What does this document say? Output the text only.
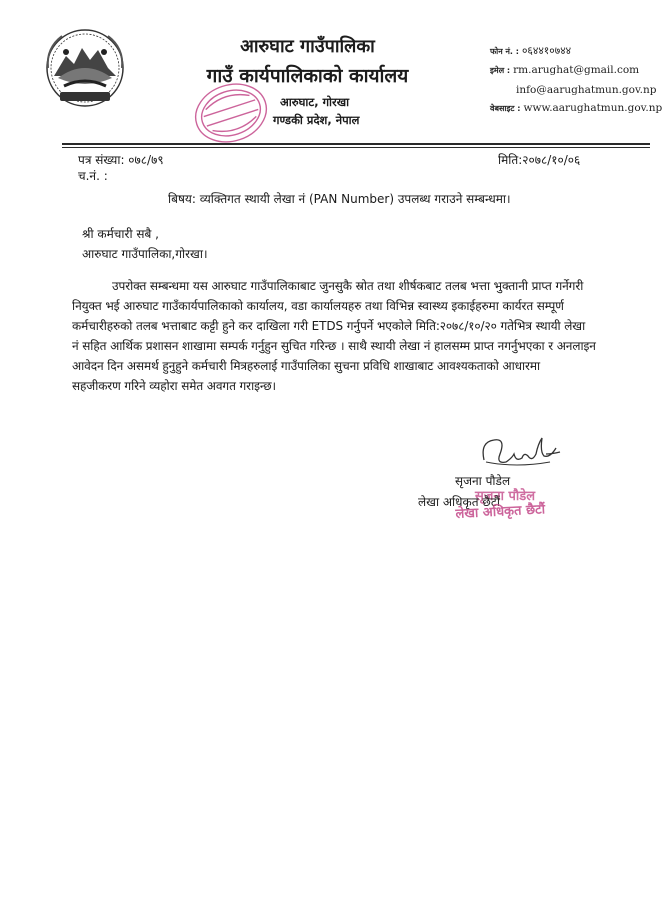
आरुघाट गाउँपालिका
गाउँ कार्यपालिकाको कार्यालय
आरुघाट, गोरखा
गण्डकी प्रदेश, नेपाल
फोन नं. : ०६४४१०७४४
इमेल : rm.arughat@gmail.com
info@aarughatmun.gov.np
वेबसाइट : www.aarughatmun.gov.np
पत्र संख्या: ०७८/७९
च.नं. :
मिति:२०७८/१०/०६
बिषय: व्यक्तिगत स्थायी लेखा नं (PAN Number) उपलब्ध गराउने सम्बन्धमा।
श्री कर्मचारी सबै ,
आरुघाट गाउँपालिका,गोरखा।
उपरोक्त सम्बन्धमा यस आरुघाट गाउँपालिकाबाट जुनसुकै स्रोत तथा शीर्षकबाट तलब भत्ता भुक्तानी प्राप्त गर्नेगरी
नियुक्त भई आरुघाट गाउँकार्यपालिकाको कार्यालय, वडा कार्यालयहरु तथा विभिन्न स्वास्थ्य इकाईहरुमा कार्यरत सम्पूर्ण
कर्मचारीहरुको तलब भत्ताबाट कट्टी हुने कर दाखिला गरी ETDS गर्नुपर्ने भएकोले मिति:२०७८/१०/२० गतेभित्र स्थायी लेखा
नं सहित आर्थिक प्रशासन शाखामा सम्पर्क गर्नुहुन सुचित गरिन्छ । साथै स्थायी लेखा नं हालसम्म प्राप्त नगर्नुभएका र अनलाइन
आवेदन दिन असमर्थ हुनुहुने कर्मचारी मित्रहरुलाई गाउँपालिका सुचना प्रविधि शाखाबाट आवश्यकताको आधारमा
सहजीकरण गरिने व्यहोरा समेत अवगत गराइन्छ।
सृजना पौडेल
सृजना पौडेल
लेखा अधिकृत छैटौं
लेखा अधिकृत छैटौं
